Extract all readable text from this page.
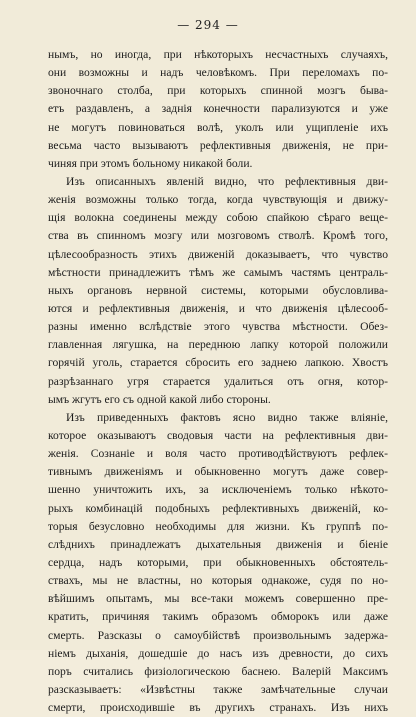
— 294 —
нымъ, но иногда, при нѣкоторыхъ несчастныхъ случаяхъ,
они возможны и надъ человѣкомъ. При переломахъ по-
звоночнаго столба, при которыхъ спинной мозгъ быва-
етъ раздавленъ, а заднія конечности парализуются и уже
не могутъ повиноваться волѣ, уколъ или ущипленіе ихъ
весьма часто вызываютъ рефлективныя движенія, не при-
чиняя при этомъ больному никакой боли.
Изъ описанныхъ явленій видно, что рефлективныя дви-
женія возможны только тогда, когда чувствующія и движу-
щія волокна соединены между собою спайкою сѣраго веще-
ства въ спинномъ мозгу или мозговомъ стволѣ. Кромѣ того,
цѣлесообразность этихъ движеній доказываетъ, что чувство
мѣстности принадлежитъ тѣмъ же самымъ частямъ централь-
ныхъ органовъ нервной системы, которыми обусловлива-
ются и рефлективныя движенія, и что движенія цѣлесооб-
разны именно вслѣдствіе этого чувства мѣстности. Обез-
главленная лягушка, на переднюю лапку которой положили
горячій уголь, старается сбросить его заднею лапкою. Хвостъ
разрѣзаннаго угря старается удалиться отъ огня, котор-
ымъ жгутъ его съ одной какой либо стороны.
Изъ приведенныхъ фактовъ ясно видно также вліяніе,
которое оказываютъ сводовыя части на рефлективныя дви-
женія. Сознаніе и воля часто противодѣйствуютъ рефлек-
тивнымъ движеніямъ и обыкновенно могутъ даже совер-
шенно уничтожить ихъ, за исключеніемъ только нѣкото-
рыхъ комбинацій подобныхъ рефлективныхъ движеній, ко-
торыя безусловно необходимы для жизни. Къ группѣ по-
слѣднихъ принадлежатъ дыхательныя движенія и біеніе
сердца, надъ которыми, при обыкновенныхъ обстоятель-
ствахъ, мы не властны, но которыя однакоже, судя по но-
вѣйшимъ опытамъ, мы все-таки можемъ совершенно пре-
кратить, причиняя такимъ образомъ обморокъ или даже
смерть. Разсказы о самоубійствѣ произвольнымъ задержа-
ніемъ дыханія, дошедшіе до насъ изъ древности, до сихъ
поръ считались физіологическою баснею. Валерій Максимъ
разсказываетъ: «Извѣстны также замѣчательные случаи
смерти, происходившіе въ другихъ странахъ. Изъ нихъ
